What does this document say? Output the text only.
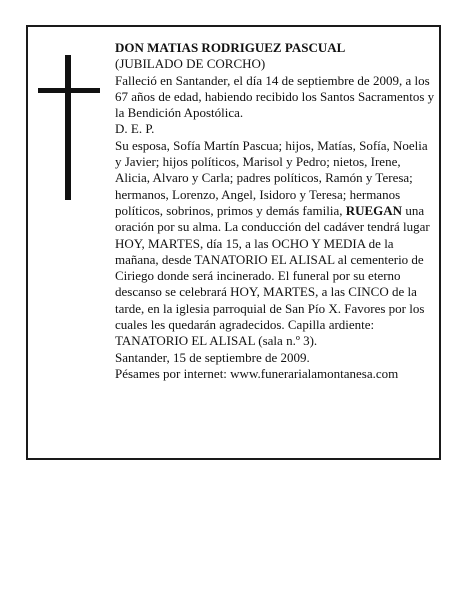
DON MATIAS RODRIGUEZ PASCUAL

(JUBILADO DE CORCHO)

Falleció en Santander, el día 14 de septiembre de 2009, a los 67 años de edad, habiendo recibido los Santos Sacramentos y la Bendición Apostólica.

D. E. P.

Su esposa, Sofía Martín Pascua; hijos, Matías, Sofía, Noelia y Javier; hijos políticos, Marisol y Pedro; nietos, Irene, Alicia, Alvaro y Carla; padres políticos, Ramón y Teresa; hermanos, Lorenzo, Angel, Isidoro y Teresa; hermanos políticos, sobrinos, primos y demás familia, RUEGAN una oración por su alma. La conducción del cadáver tendrá lugar HOY, MARTES, día 15, a las OCHO Y MEDIA de la mañana, desde TANATORIO EL ALISAL al cementerio de Ciriego donde será incinerado. El funeral por su eterno descanso se celebrará HOY, MARTES, a las CINCO de la tarde, en la iglesia parroquial de San Pío X. Favores por los cuales les quedarán agradecidos. Capilla ardiente: TANATORIO EL ALISAL (sala n.º 3).

Santander, 15 de septiembre de 2009.

Pésames por internet: www.funerarialamontanesa.com
